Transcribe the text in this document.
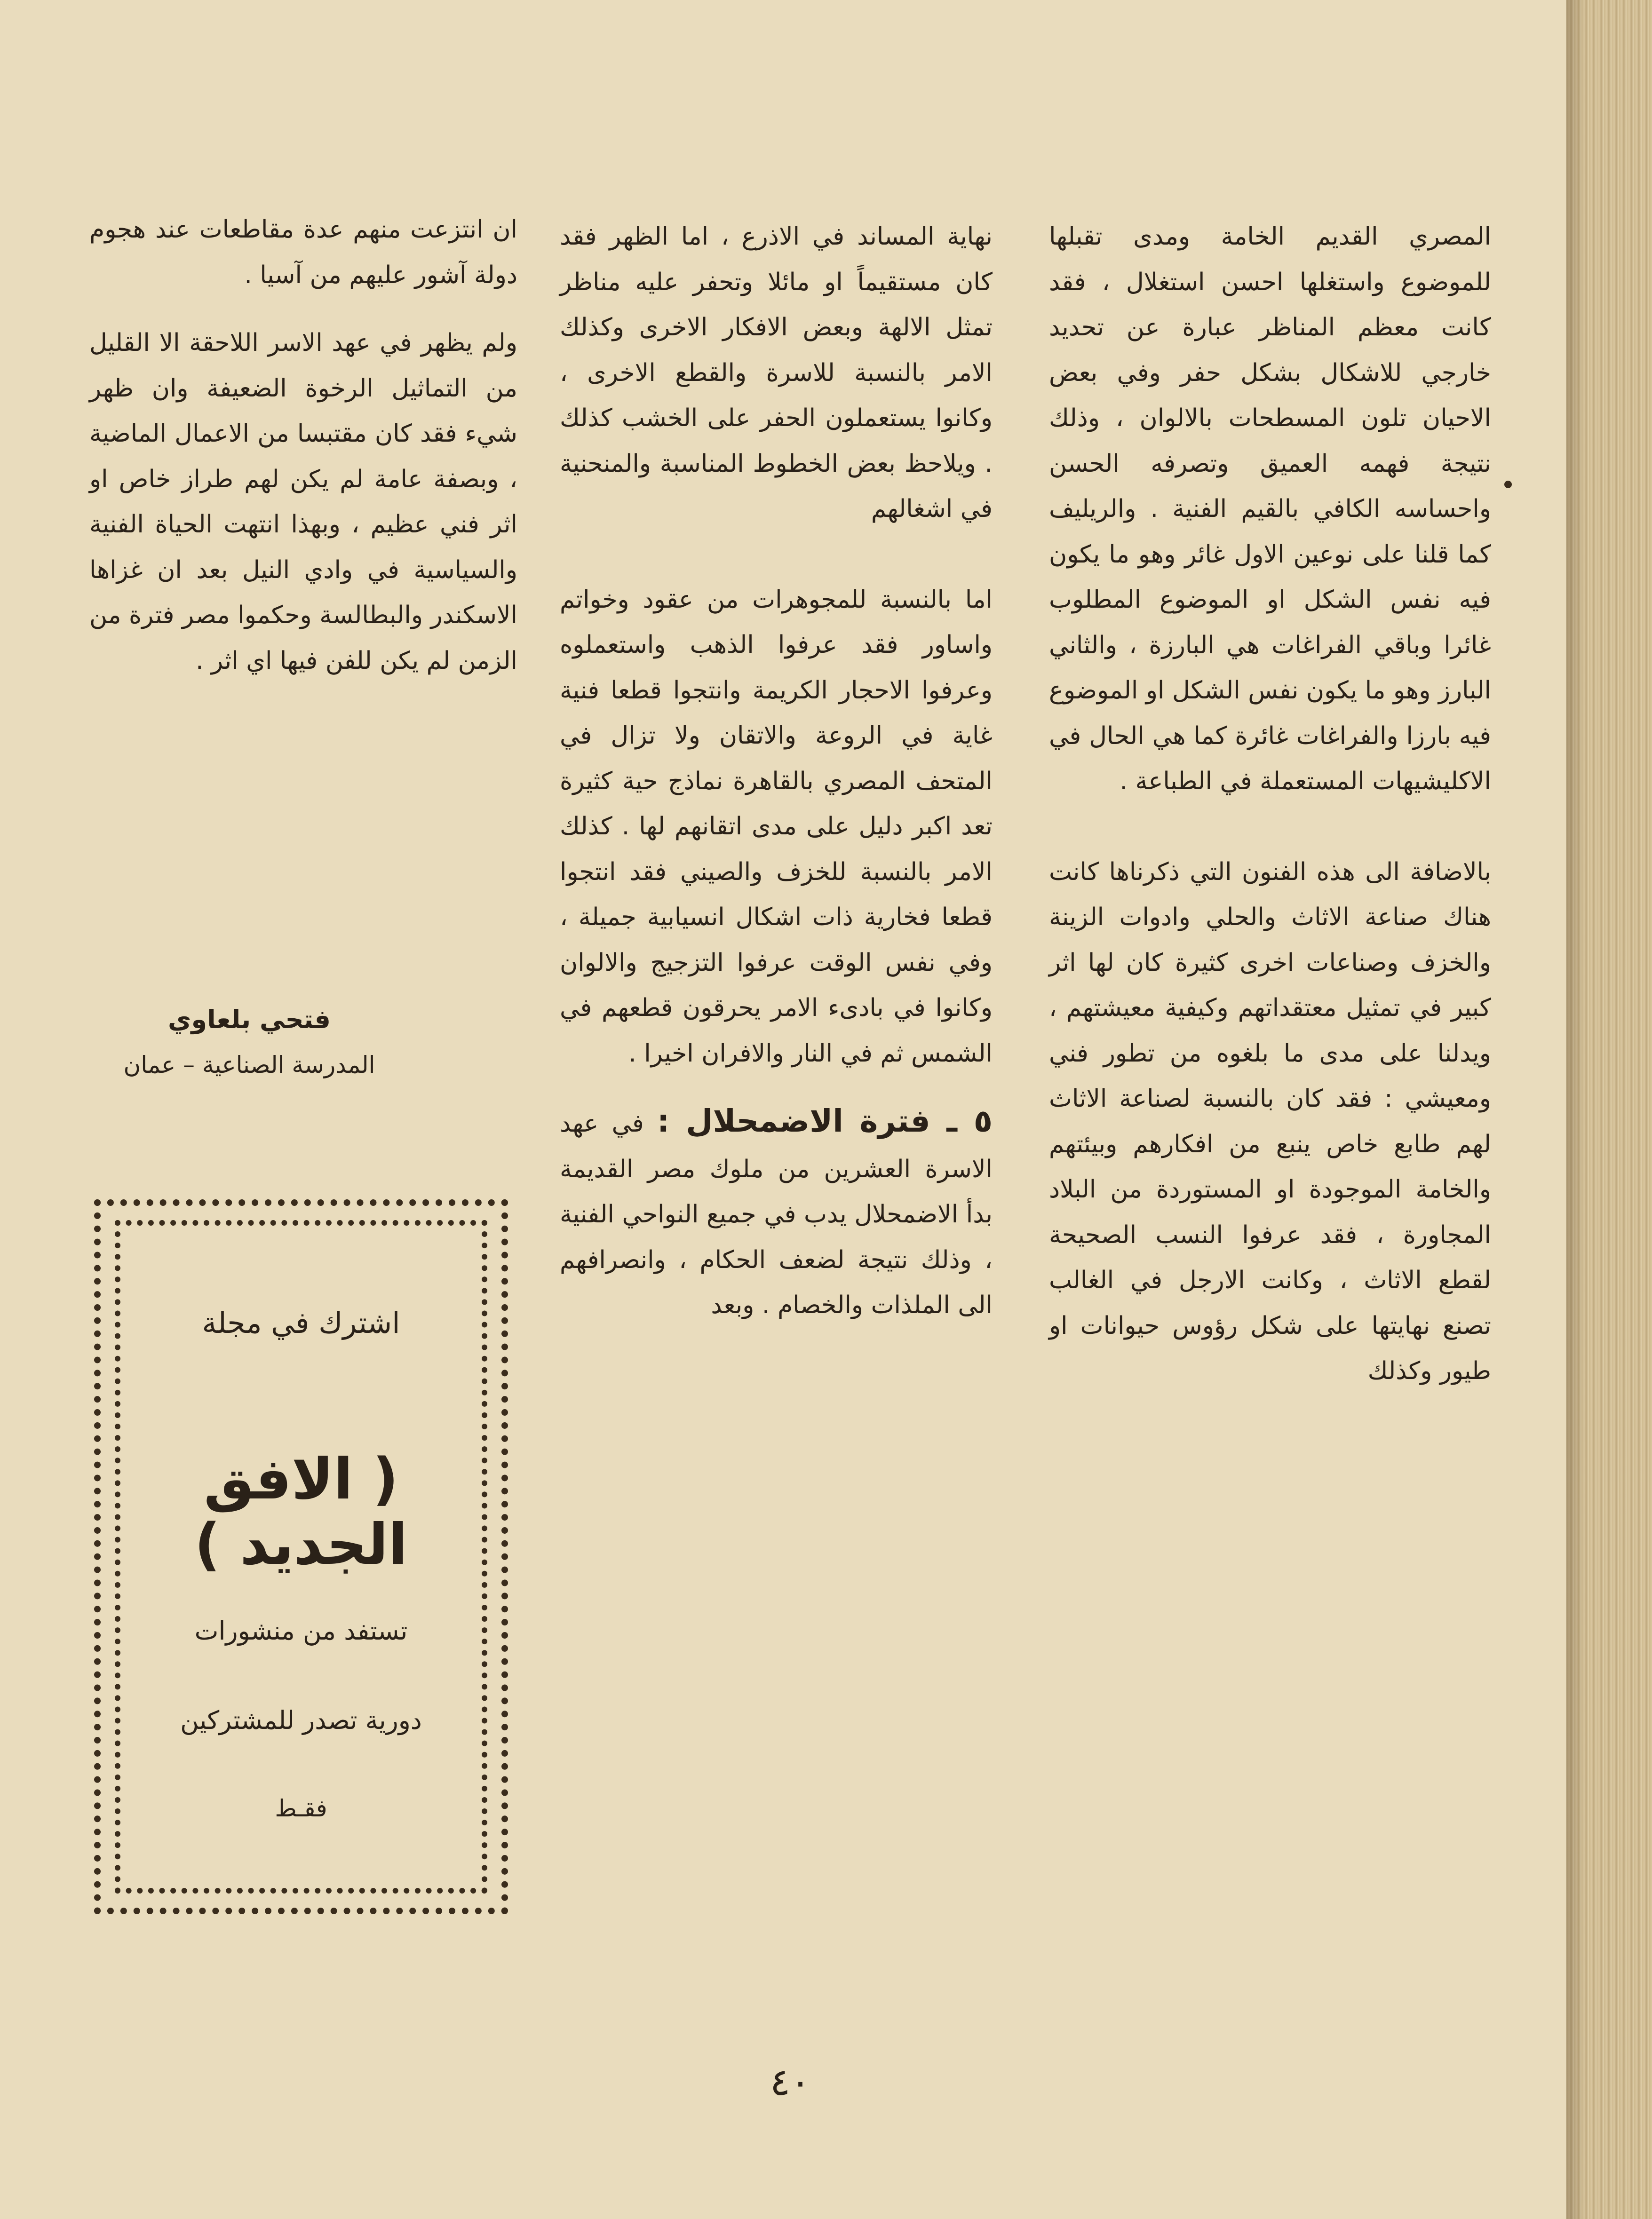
المصري القديم الخامة ومدى تقبلها للموضوع واستغلها احسن استغلال ، فقد كانت معظم المناظر عبارة عن تحديد خارجي للاشكال بشكل حفر وفي بعض الاحيان تلون المسطحات بالالوان ، وذلك نتيجة فهمه العميق وتصرفه الحسن واحساسه الكافي بالقيم الفنية . والريليف كما قلنا على نوعين الاول غائر وهو ما يكون فيه نفس الشكل او الموضوع المطلوب غائرا وباقي الفراغات هي البارزة ، والثاني البارز وهو ما يكون نفس الشكل او الموضوع فيه بارزا والفراغات غائرة كما هي الحال في الاكليشيهات المستعملة في الطباعة .

بالاضافة الى هذه الفنون التي ذكرناها كانت هناك صناعة الاثاث والحلي وادوات الزينة والخزف وصناعات اخرى كثيرة كان لها اثر كبير في تمثيل معتقداتهم وكيفية معيشتهم ، ويدلنا على مدى ما بلغوه من تطور فني ومعيشي : فقد كان بالنسبة لصناعة الاثاث لهم طابع خاص ينبع من افكارهم وبيئتهم والخامة الموجودة او المستوردة من البلاد المجاورة ، فقد عرفوا النسب الصحيحة لقطع الاثاث ، وكانت الارجل في الغالب تصنع نهايتها على شكل رؤوس حيوانات او طيور وكذلك

نهاية المساند في الاذرع ، اما الظهر فقد كان مستقيماً او مائلا وتحفر عليه مناظر تمثل الالهة وبعض الافكار الاخرى وكذلك الامر بالنسبة للاسرة والقطع الاخرى ، وكانوا يستعملون الحفر على الخشب كذلك . ويلاحظ بعض الخطوط المناسبة والمنحنية في اشغالهم

اما بالنسبة للمجوهرات من عقود وخواتم واساور فقد عرفوا الذهب واستعملوه وعرفوا الاحجار الكريمة وانتجوا قطعا فنية غاية في الروعة والاتقان ولا تزال في المتحف المصري بالقاهرة نماذج حية كثيرة تعد اكبر دليل على مدى اتقانهم لها . كذلك الامر بالنسبة للخزف والصيني فقد انتجوا قطعا فخارية ذات اشكال انسيابية جميلة ، وفي نفس الوقت عرفوا التزجيج والالوان وكانوا في بادىء الامر يحرقون قطعهم في الشمس ثم في النار والافران اخيرا .

٥ ـ فترة الاضمحلال : في عهد الاسرة العشرين من ملوك مصر القديمة بدأ الاضمحلال يدب في جميع النواحي الفنية ، وذلك نتيجة لضعف الحكام ، وانصرافهم الى الملذات والخصام . وبعد

ان انتزعت منهم عدة مقاطعات عند هجوم دولة آشور عليهم من آسيا .

ولم يظهر في عهد الاسر اللاحقة الا القليل من التماثيل الرخوة الضعيفة وان ظهر شيء فقد كان مقتبسا من الاعمال الماضية ، وبصفة عامة لم يكن لهم طراز خاص او اثر فني عظيم ، وبهذا انتهت الحياة الفنية والسياسية في وادي النيل بعد ان غزاها الاسكندر والبطالسة وحكموا مصر فترة من الزمن لم يكن للفن فيها اي اثر .

فتحي بلعاوي
المدرسة الصناعية – عمان
اشترك في مجلة
( الافق الجديد )
تستفد من منشورات
دورية تصدر للمشتركين
فقـط
٤٠
